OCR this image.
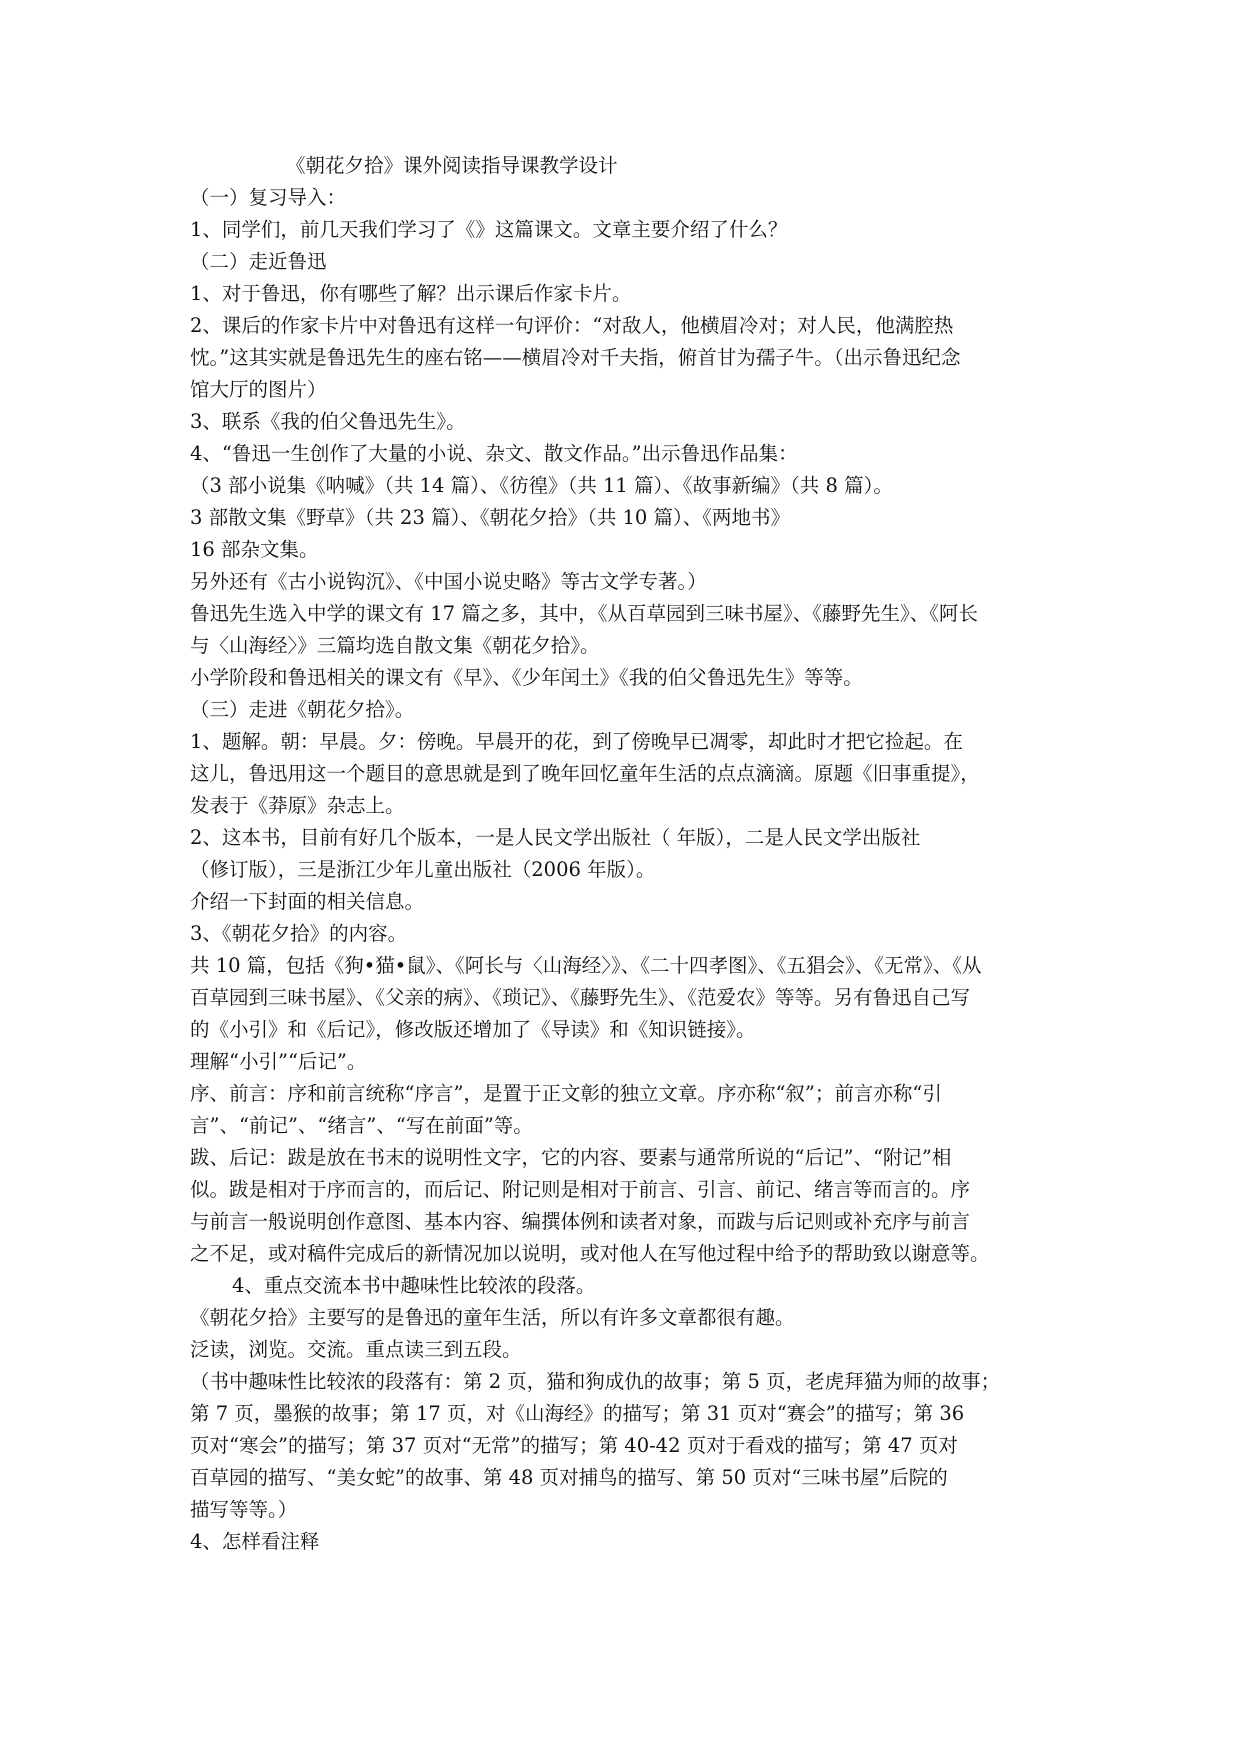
《朝花夕拾》课外阅读指导课教学设计
（一）复习导入：
1、同学们，前几天我们学习了《》这篇课文。文章主要介绍了什么？
（二）走近鲁迅
1、对于鲁迅，你有哪些了解？出示课后作家卡片。
2、课后的作家卡片中对鲁迅有这样一句评价：“对敌人，他横眉冷对；对人民，他满腔热
忱。”这其实就是鲁迅先生的座右铭——横眉冷对千夫指，俯首甘为孺子牛。（出示鲁迅纪念
馆大厅的图片）
3、联系《我的伯父鲁迅先生》。
4、“鲁迅一生创作了大量的小说、杂文、散文作品。”出示鲁迅作品集：
（3 部小说集《呐喊》（共 14 篇）、《彷徨》（共 11 篇）、《故事新编》（共 8 篇）。
3 部散文集《野草》（共 23 篇）、《朝花夕拾》（共 10 篇）、《两地书》
16 部杂文集。
另外还有《古小说钩沉》、《中国小说史略》等古文学专著。）
鲁迅先生选入中学的课文有 17 篇之多，其中，《从百草园到三味书屋》、《藤野先生》、《阿长
与〈山海经〉》三篇均选自散文集《朝花夕拾》。
小学阶段和鲁迅相关的课文有《早》、《少年闰土》《我的伯父鲁迅先生》等等。
（三）走进《朝花夕拾》。
1、题解。朝：早晨。夕：傍晚。早晨开的花，到了傍晚早已凋零，却此时才把它捡起。在
这儿，鲁迅用这一个题目的意思就是到了晚年回忆童年生活的点点滴滴。原题《旧事重提》，
发表于《莽原》杂志上。
2、这本书，目前有好几个版本，一是人民文学出版社（ 年版），二是人民文学出版社
（修订版），三是浙江少年儿童出版社（2006 年版）。
介绍一下封面的相关信息。
3、《朝花夕拾》的内容。
共 10 篇，包括《狗•猫•鼠》、《阿长与〈山海经〉》、《二十四孝图》、《五猖会》、《无常》、《从
百草园到三味书屋》、《父亲的病》、《琐记》、《藤野先生》、《范爱农》等等。另有鲁迅自己写
的《小引》和《后记》，修改版还增加了《导读》和《知识链接》。
理解“小引”“后记”。
序、前言：序和前言统称“序言”，是置于正文彰的独立文章。序亦称“叙”；前言亦称“引
言”、“前记”、“绪言”、“写在前面”等。
跋、后记：跋是放在书末的说明性文字，它的内容、要素与通常所说的“后记”、“附记”相
似。跋是相对于序而言的，而后记、附记则是相对于前言、引言、前记、绪言等而言的。序
与前言一般说明创作意图、基本内容、编撰体例和读者对象，而跋与后记则或补充序与前言
之不足，或对稿件完成后的新情况加以说明，或对他人在写他过程中给予的帮助致以谢意等。
4、重点交流本书中趣味性比较浓的段落。
《朝花夕拾》主要写的是鲁迅的童年生活，所以有许多文章都很有趣。
泛读，浏览。交流。重点读三到五段。
（书中趣味性比较浓的段落有：第 2 页，猫和狗成仇的故事；第 5 页，老虎拜猫为师的故事；
第 7 页，墨猴的故事；第 17 页，对《山海经》的描写；第 31 页对“赛会”的描写；第 36
页对“寒会”的描写；第 37 页对“无常”的描写；第 40-42 页对于看戏的描写；第 47 页对
百草园的描写、“美女蛇”的故事、第 48 页对捕鸟的描写、第 50 页对“三味书屋”后院的
描写等等。）
4、怎样看注释
